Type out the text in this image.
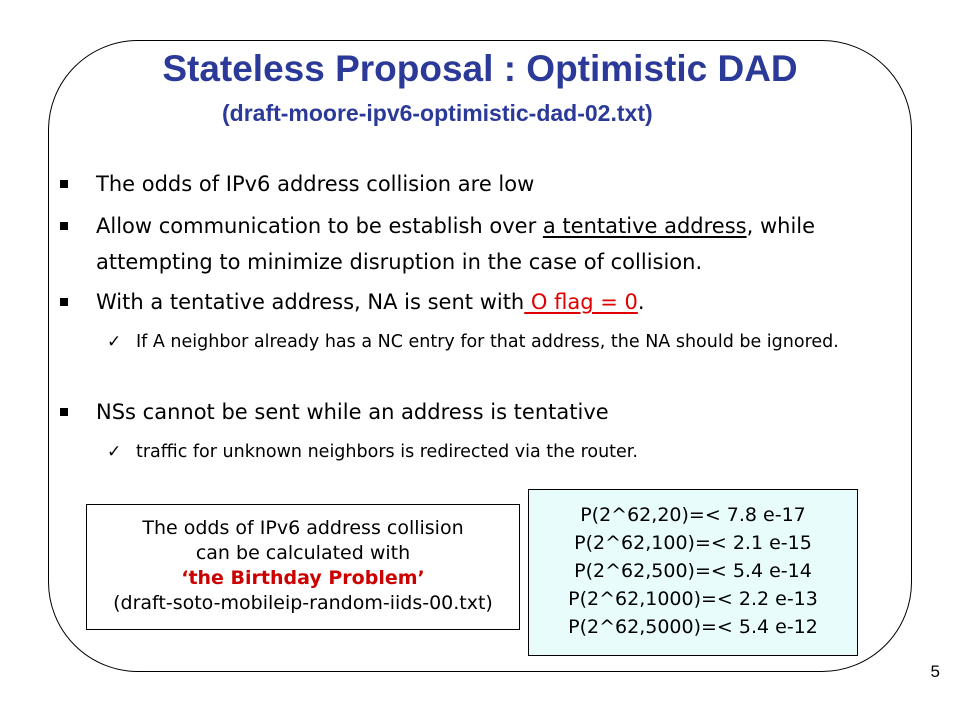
Stateless Proposal : Optimistic DAD
(draft-moore-ipv6-optimistic-dad-02.txt)
The odds of IPv6 address collision are low
Allow communication to be establish over a tentative address, while attempting to minimize disruption in the case of collision.
With a tentative address, NA is sent with O flag = 0.
✓ If A neighbor already has a NC entry for that address, the NA should be ignored.
NSs cannot be sent while an address is tentative
✓ traffic for unknown neighbors is redirected via the router.
The odds of IPv6 address collision
can be calculated with
‘the Birthday Problem’
(draft-soto-mobileip-random-iids-00.txt)
P(2^62,20)=< 7.8 e-17
P(2^62,100)=< 2.1 e-15
P(2^62,500)=< 5.4 e-14
P(2^62,1000)=< 2.2 e-13
P(2^62,5000)=< 5.4 e-12
5
